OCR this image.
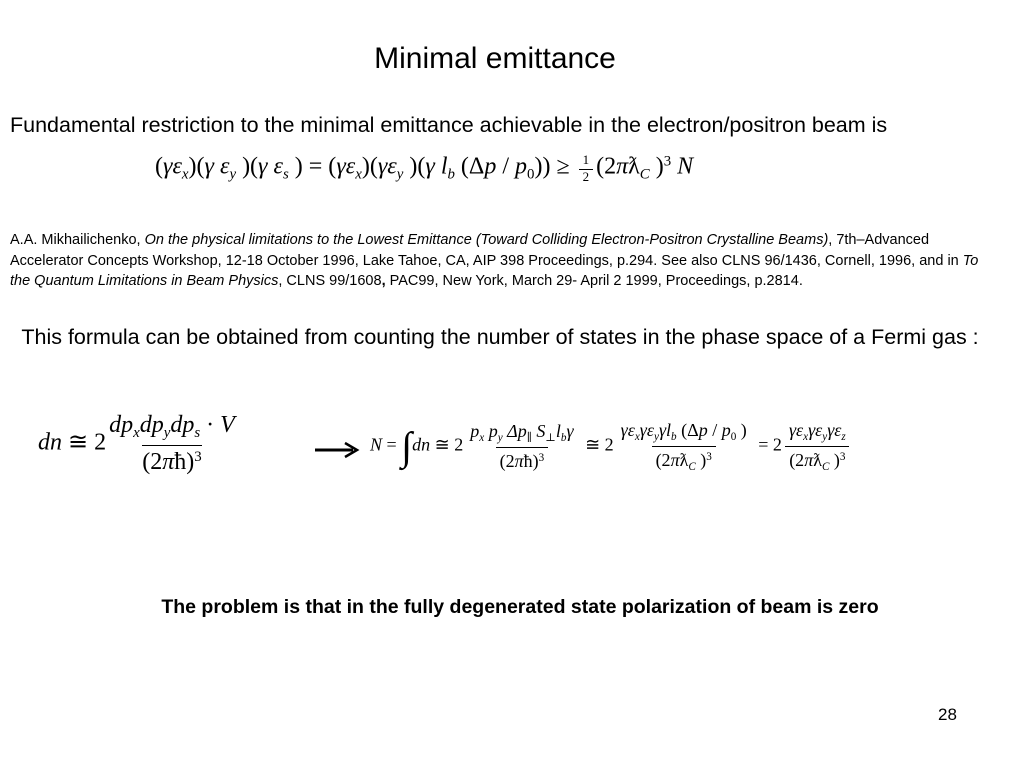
Minimal emittance
Fundamental restriction to the minimal emittance achievable in the electron/positron beam is
$(\gamma\varepsilon_x)(\gamma$ $\varepsilon_y$ )(γ $\varepsilon_s$ ) = $(\gamma\varepsilon_x)(\gamma\varepsilon_y$ )(γ $l_b$ $(\Delta p / p_0)) \ge \frac{1}{2}$ ($2\pi ƛ_C$ )$^3$ N
A.A. Mikhailichenko, On the physical limitations to the Lowest Emittance (Toward Colliding Electron-Positron Crystalline Beams), 7th–Advanced Accelerator Concepts Workshop, 12-18 October 1996, Lake Tahoe, CA, AIP 398 Proceedings, p.294. See also CLNS 96/1436, Cornell, 1996, and in To the Quantum Limitations in Beam Physics, CLNS 99/1608, PAC99, New York, March 29- April 2 1999, Proceedings, p.2814.
This formula can be obtained from counting the number of states in the phase space of a Fermi gas :
dn ≅ $2 \frac{dp_xdp_ydp_s \cdot V}{(2\pi ħ)^3}$	N = ∫dn ≅ $2 \frac{p_x p_y \Delta p_\parallel S_\perp l_b\gamma}{(2\pi ħ)^3}$ ≅ $2 \frac{\gamma\varepsilon_x\gamma\varepsilon_y\gamma l_b (\Delta p / p_0 )}{(2\pi ƛ_C )^3} = 2 \frac{\gamma\varepsilon_x\gamma\varepsilon_y\gamma\varepsilon_z}{(2\pi ƛ_C )^3}$
The problem is that in the fully degenerated state polarization of beam is zero
28
